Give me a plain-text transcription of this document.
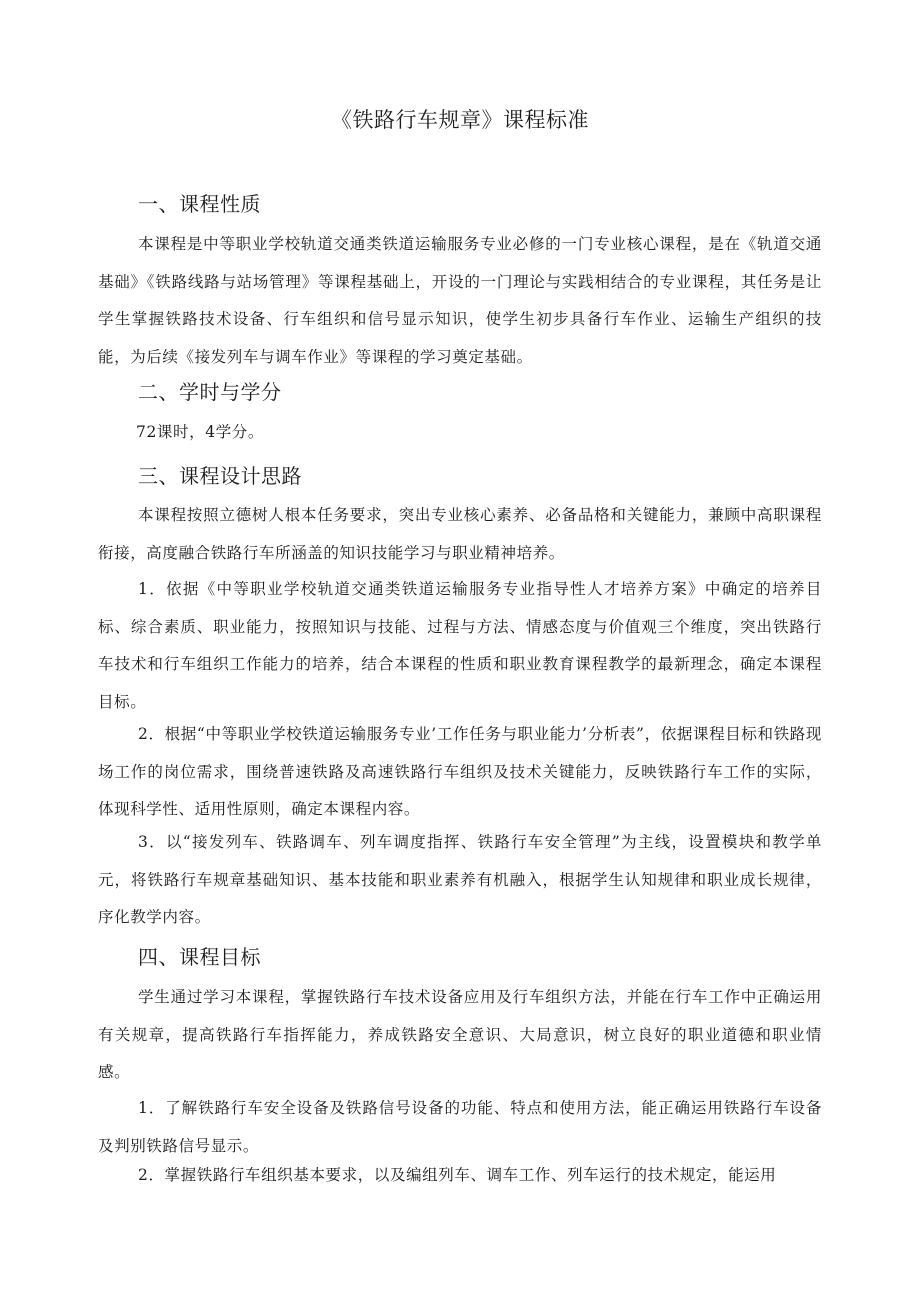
《铁路行车规章》课程标准
一、课程性质
本课程是中等职业学校轨道交通类铁道运输服务专业必修的一门专业核心课程，是在《轨道交通基础》《铁路线路与站场管理》等课程基础上，开设的一门理论与实践相结合的专业课程，其任务是让学生掌握铁路技术设备、行车组织和信号显示知识，使学生初步具备行车作业、运输生产组织的技能，为后续《接发列车与调车作业》等课程的学习奠定基础。
二、学时与学分
72课时，4学分。
三、课程设计思路
本课程按照立德树人根本任务要求，突出专业核心素养、必备品格和关键能力，兼顾中高职课程衔接，高度融合铁路行车所涵盖的知识技能学习与职业精神培养。
1．依据《中等职业学校轨道交通类铁道运输服务专业指导性人才培养方案》中确定的培养目标、综合素质、职业能力，按照知识与技能、过程与方法、情感态度与价值观三个维度，突出铁路行车技术和行车组织工作能力的培养，结合本课程的性质和职业教育课程教学的最新理念，确定本课程目标。
2．根据“中等职业学校铁道运输服务专业’工作任务与职业能力’分析表”，依据课程目标和铁路现场工作的岗位需求，围绕普速铁路及高速铁路行车组织及技术关键能力，反映铁路行车工作的实际，体现科学性、适用性原则，确定本课程内容。
3．以“接发列车、铁路调车、列车调度指挥、铁路行车安全管理”为主线，设置模块和教学单元，将铁路行车规章基础知识、基本技能和职业素养有机融入，根据学生认知规律和职业成长规律，序化教学内容。
四、课程目标
学生通过学习本课程，掌握铁路行车技术设备应用及行车组织方法，并能在行车工作中正确运用有关规章，提高铁路行车指挥能力，养成铁路安全意识、大局意识，树立良好的职业道德和职业情感。
1．了解铁路行车安全设备及铁路信号设备的功能、特点和使用方法，能正确运用铁路行车设备及判别铁路信号显示。
2．掌握铁路行车组织基本要求，以及编组列车、调车工作、列车运行的技术规定，能运用
